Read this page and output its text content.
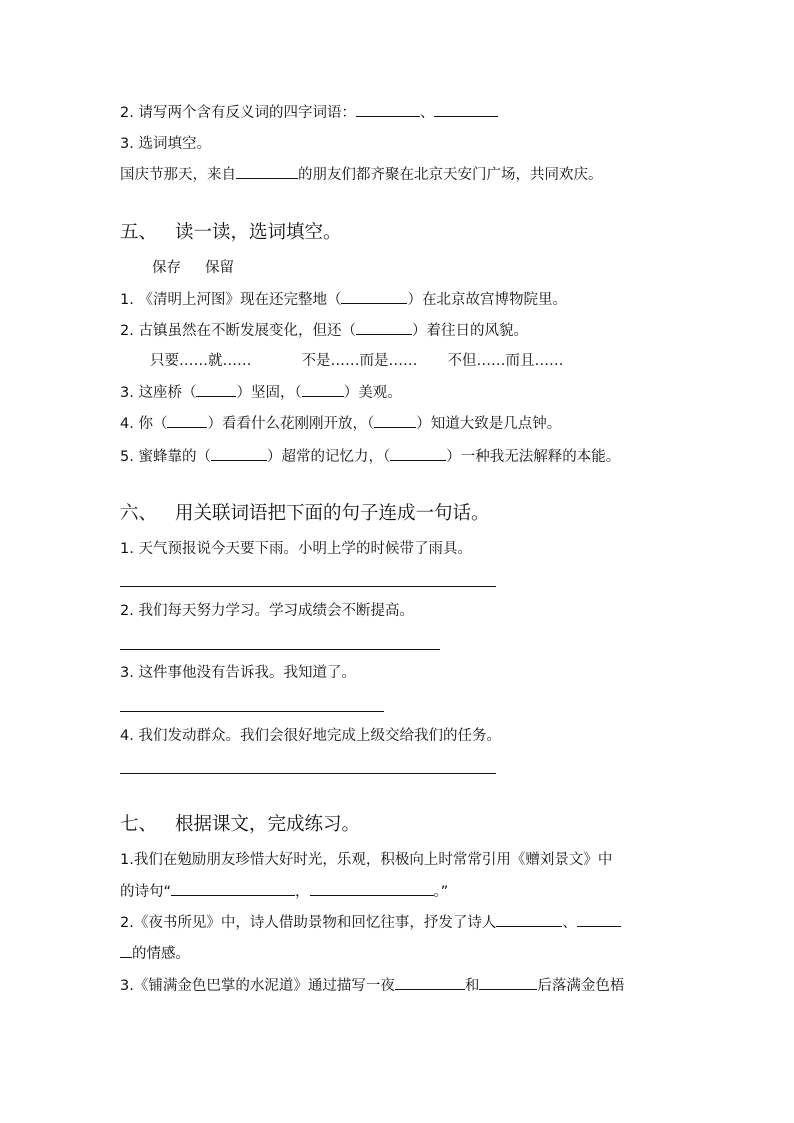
2. 请写两个含有反义词的四字词语：	、
3. 选词填空。
国庆节那天，来自	的朋友们都齐聚在北京天安门广场，共同欢庆。
五、 读一读，选词填空。
保存 保留
1. 《清明上河图》现在还完整地（	）在北京故宫博物院里。
2. 古镇虽然在不断发展变化，但还（	）着往日的风貌。
只要……就……	不是……而是…… 不但……而且……
3. 这座桥（	）坚固，（	）美观。
4. 你（	）看看什么花刚刚开放，（	）知道大致是几点钟。
5. 蜜蜂靠的（	）超常的记忆力，（	）一种我无法解释的本能。
六、 用关联词语把下面的句子连成一句话。
1. 天气预报说今天要下雨。小明上学的时候带了雨具。
2. 我们每天努力学习。学习成绩会不断提高。
3. 这件事他没有告诉我。我知道了。
4. 我们发动群众。我们会很好地完成上级交给我们的任务。
七、 根据课文，完成练习。
1.我们在勉励朋友珍惜大好时光，乐观，积极向上时常常引用《赠刘景文》中
的诗句“	，	。”
2.《夜书所见》中，诗人借助景物和回忆往事，抒发了诗人	、
的情感。
3.《铺满金色巴掌的水泥道》通过描写一夜	和	后落满金色梧
